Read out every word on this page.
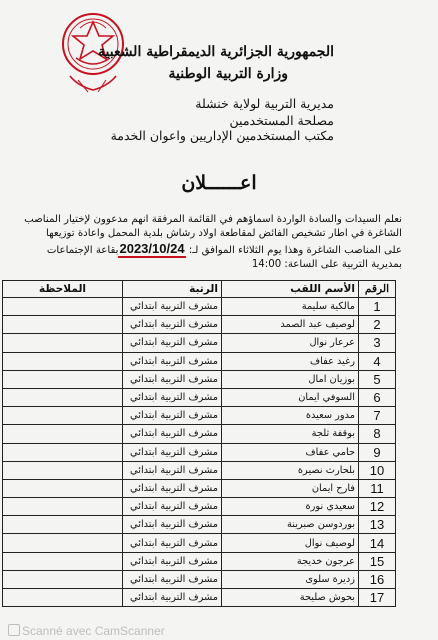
الجمهورية الجزائرية الديمقراطية الشعبية
وزارة التربية الوطنية
مديرية التربية لولاية خنشلة
مصلحة المستخدمين
مكتب المستخدمين الإداريين واعوان الخدمة
اعــــــلان
نعلم السيدات والسادة الواردة اسماؤهم في القائمة المرفقة انهم مدعوون لإختيار المناصب
الشاغرة في اطار تشخيص الفائض لمقاطعة اولاد رشاش بلدية المحمل واعادة توزيعها
على المناصب الشاغرة وهذا يوم الثلاثاء الموافق لـ: 2023/10/24بقاعة الإجتماعات
بمديرية التربية على الساعة: 14:00
الرقم	الأسم اللقب	الرتبة	الملاحظة
1	مالكية سليمة	مشرف التربية ابتدائي	
2	لوصيف عبد الصمد	مشرف التربية ابتدائي	
3	عرعار نوال	مشرف التربية ابتدائي	
4	رغيد عفاف	مشرف التربية ابتدائي	
5	بوزيان امال	مشرف التربية ابتدائي	
6	السوفي ايمان	مشرف التربية ابتدائي	
7	مدور سعيدة	مشرف التربية ابتدائي	
8	بوقفة ثلجة	مشرف التربية ابتدائي	
9	حامي عفاف	مشرف التربية ابتدائي	
10	بلحارث نصيرة	مشرف التربية ابتدائي	
11	فارح ايمان	مشرف التربية ابتدائي	
12	سعيدي نورة	مشرف التربية ابتدائي	
13	بوردوسن صبرينة	مشرف التربية ابتدائي	
14	لوصيف نوال	مشرف التربية ابتدائي	
15	عرجون خديجة	مشرف التربية ابتدائي	
16	زديرة سلوى	مشرف التربية ابتدائي	
17	بحوش صليحة	مشرف التربية ابتدائي	
Scanné avec CamScanner
